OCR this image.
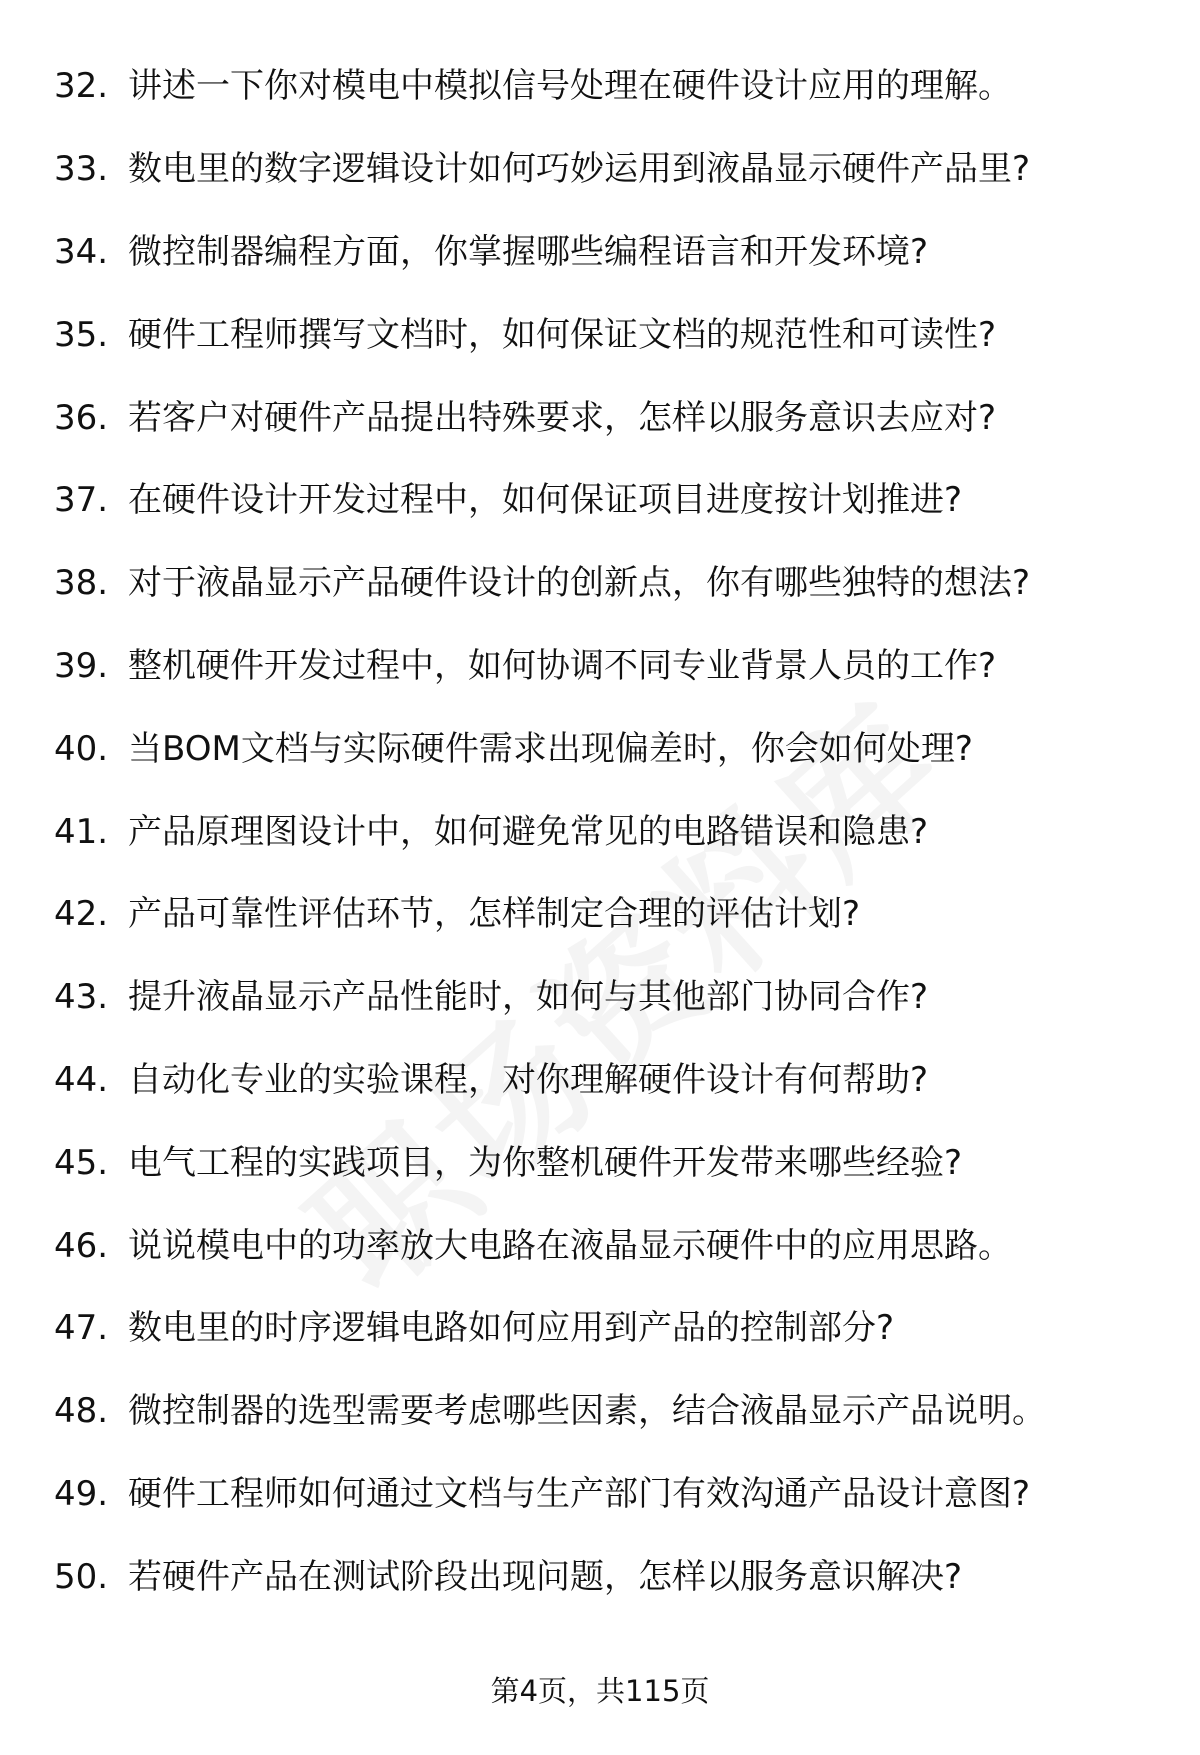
32. 讲述一下你对模电中模拟信号处理在硬件设计应用的理解。
33. 数电里的数字逻辑设计如何巧妙运用到液晶显示硬件产品里?
34. 微控制器编程方面，你掌握哪些编程语言和开发环境?
35. 硬件工程师撰写文档时，如何保证文档的规范性和可读性?
36. 若客户对硬件产品提出特殊要求，怎样以服务意识去应对?
37. 在硬件设计开发过程中，如何保证项目进度按计划推进?
38. 对于液晶显示产品硬件设计的创新点，你有哪些独特的想法?
39. 整机硬件开发过程中，如何协调不同专业背景人员的工作?
40. 当BOM文档与实际硬件需求出现偏差时，你会如何处理?
41. 产品原理图设计中，如何避免常见的电路错误和隐患?
42. 产品可靠性评估环节，怎样制定合理的评估计划?
43. 提升液晶显示产品性能时，如何与其他部门协同合作?
44. 自动化专业的实验课程，对你理解硬件设计有何帮助?
45. 电气工程的实践项目，为你整机硬件开发带来哪些经验?
46. 说说模电中的功率放大电路在液晶显示硬件中的应用思路。
47. 数电里的时序逻辑电路如何应用到产品的控制部分?
48. 微控制器的选型需要考虑哪些因素，结合液晶显示产品说明。
49. 硬件工程师如何通过文档与生产部门有效沟通产品设计意图?
50. 若硬件产品在测试阶段出现问题，怎样以服务意识解决?
第4页，共115页
